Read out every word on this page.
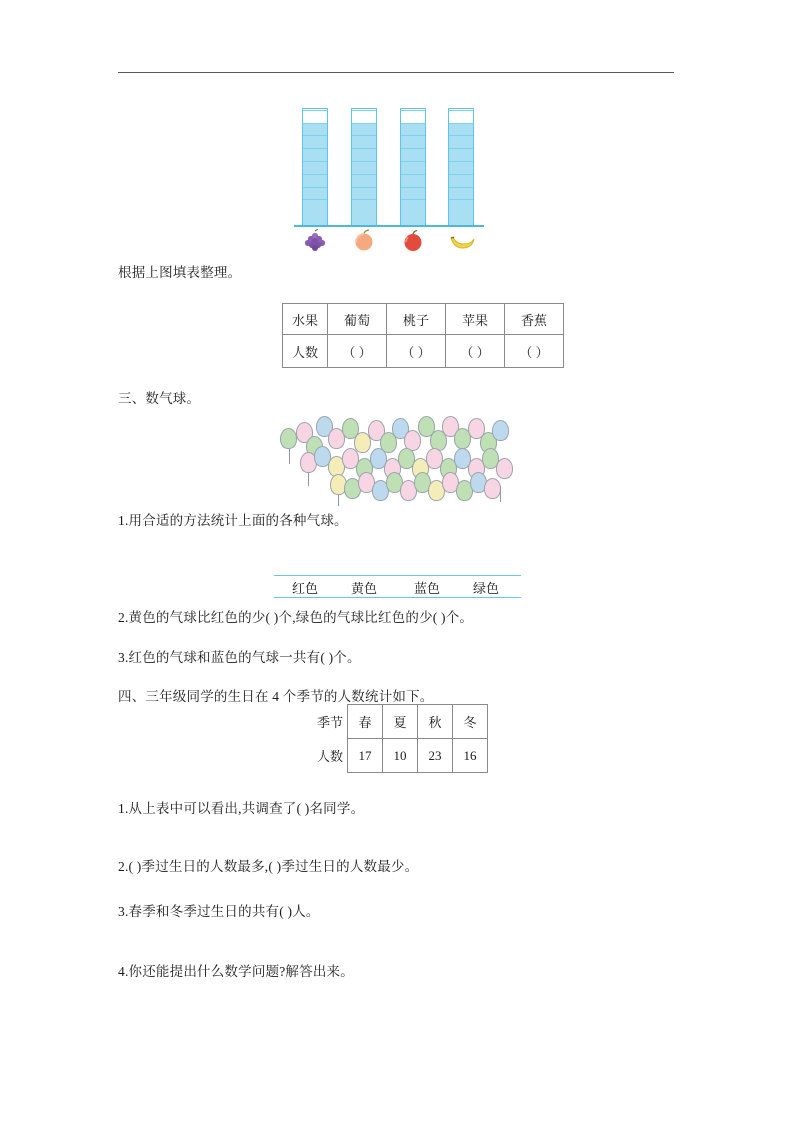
根据上图填表整理。
水果	葡萄	桃子	苹果	香蕉
人数	（ ）	（ ）	（ ）	（ ）
三、数气球。
1.用合适的方法统计上面的各种气球。
红色	黄色	蓝色	绿色
2.黄色的气球比红色的少( )个,绿色的气球比红色的少( )个。
3.红色的气球和蓝色的气球一共有( )个。
四、三年级同学的生日在 4 个季节的人数统计如下。
季节	春	夏	秋	冬
人数	17	10	23	16
1.从上表中可以看出,共调查了( )名同学。
2.( )季过生日的人数最多,( )季过生日的人数最少。
3.春季和冬季过生日的共有( )人。
4.你还能提出什么数学问题?解答出来。
